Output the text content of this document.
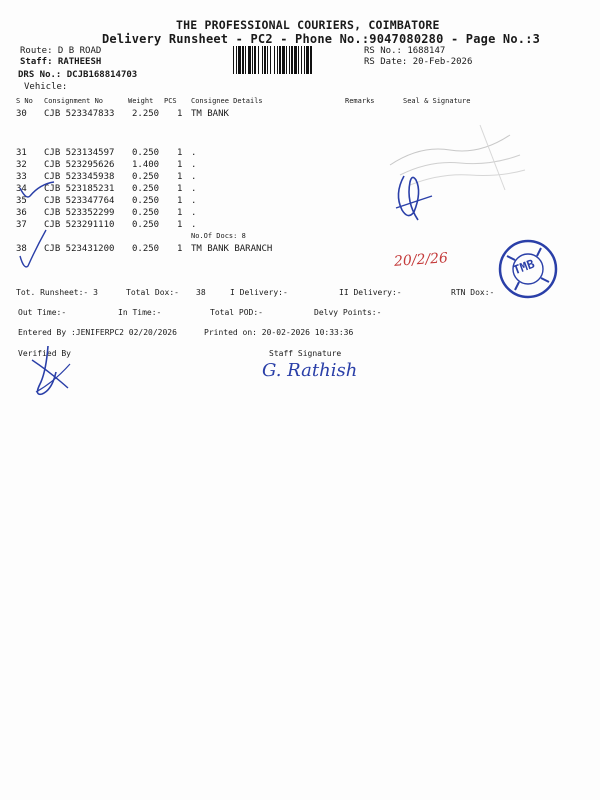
THE PROFESSIONAL COURIERS, COIMBATORE
Delivery Runsheet - PC2 - Phone No.:9047080280 - Page No.:3
Route: D B ROAD
Staff: RATHEESH
DRS No.: DCJB168814703
Vehicle:
RS No.: 1688147
RS Date: 20-Feb-2026
S No Consignment No	Weight PCS Consignee Details	Remarks	Seal & Signature
30 CJB 523347833 2.250 1 TM BANK
31 CJB 523134597 0.250 1 .
32 CJB 523295626 1.400 1 .
33 CJB 523345938 0.250 1 .
34 CJB 523185231 0.250 1 .
35 CJB 523347764 0.250 1 .
36 CJB 523352299 0.250 1 .
37 CJB 523291110 0.250 1 .
38 CJB 523431200 0.250 1 TM BANK BARANCH
No.Of Docs: 8
Tot. Runsheet:- 3	Total Dox:- 38	I Delivery:-	II Delivery:-	RTN Dox:-
Out Time:-	In Time:-	Total POD:-	Delvy Points:-
Entered By :JENIFERPC2 02/20/2026	Printed on: 20-02-2026 10:33:36
Verified By	Staff Signature
20/2/26	TMB
G. Rathish
